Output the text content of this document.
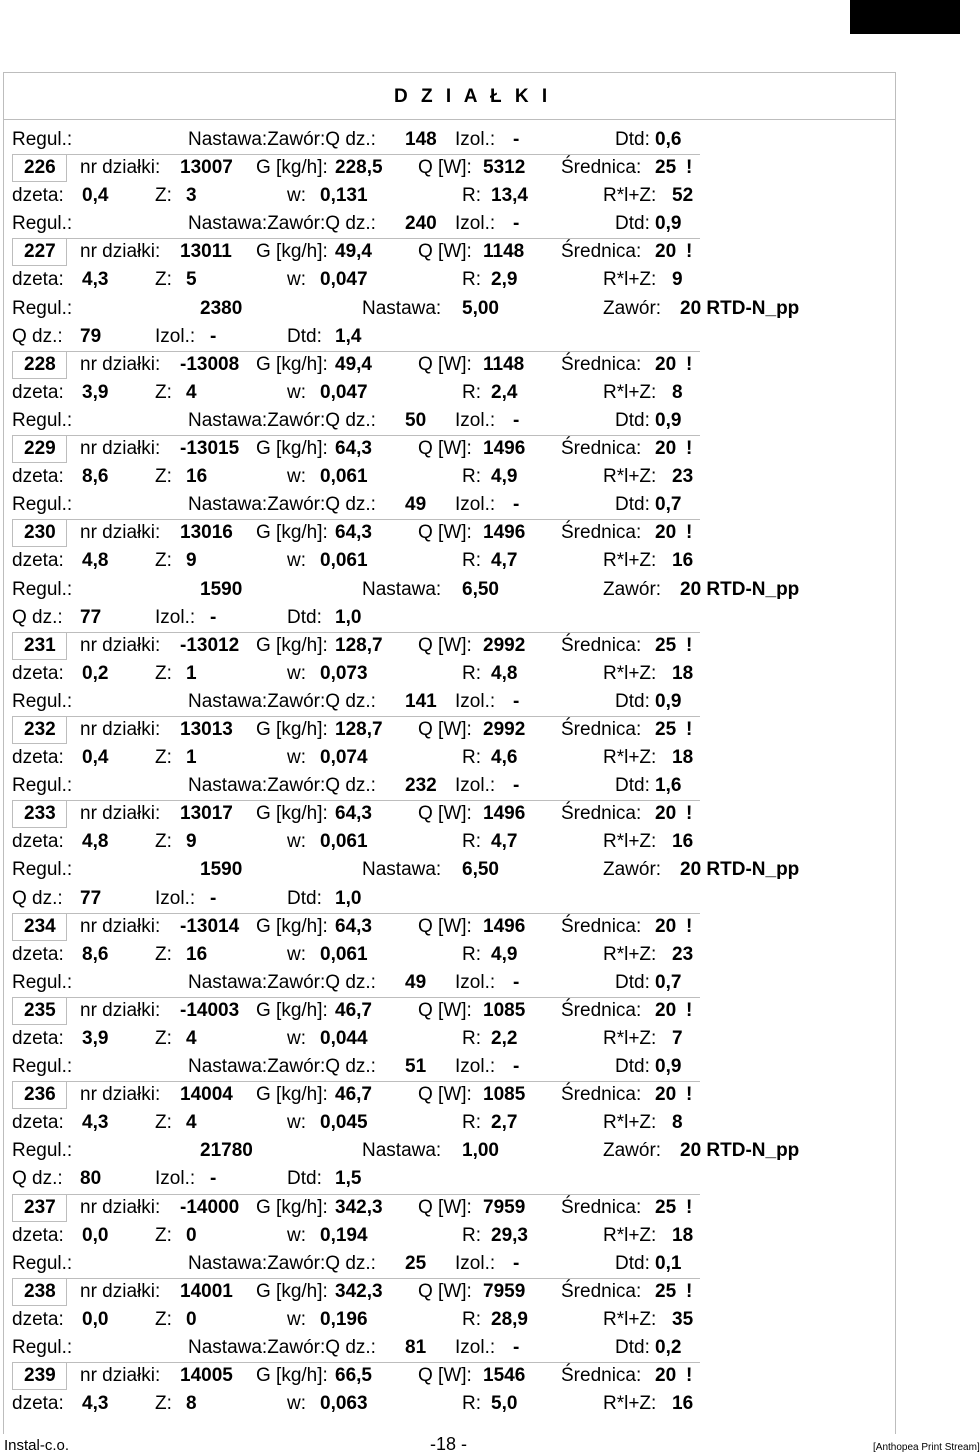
D Z I A Ł K I
Regul.:	Nastawa:Zawór:Q dz.: 148 Izol.: -	Dtd: 0,6
226 nr działki: 13007 G [kg/h]: 228,5 Q [W]: 5312 Średnica: 25 !
dzeta: 0,4 Z: 3	w: 0,131	R: 13,4	R*l+Z: 52
Regul.:	Nastawa:Zawór:Q dz.: 240 Izol.: -	Dtd: 0,9
227 nr działki: 13011 G [kg/h]: 49,4 Q [W]: 1148 Średnica: 20 !
dzeta: 4,3 Z: 5	w: 0,047	R: 2,9	R*l+Z: 9
Regul.:	2380	Nastawa: 5,00	Zawór: 20 RTD-N_pp
Q dz.: 79	Izol.: -	Dtd: 1,4
228 nr działki: -13008 G [kg/h]: 49,4 Q [W]: 1148 Średnica: 20 !
dzeta: 3,9 Z: 4	w: 0,047	R: 2,4	R*l+Z: 8
Regul.:	Nastawa:Zawór:Q dz.: 50 Izol.: -	Dtd: 0,9
229 nr działki: -13015 G [kg/h]: 64,3 Q [W]: 1496 Średnica: 20 !
dzeta: 8,6 Z: 16	w: 0,061	R: 4,9	R*l+Z: 23
Regul.:	Nastawa:Zawór:Q dz.: 49 Izol.: -	Dtd: 0,7
230 nr działki: 13016 G [kg/h]: 64,3 Q [W]: 1496 Średnica: 20 !
dzeta: 4,8 Z: 9	w: 0,061	R: 4,7	R*l+Z: 16
Regul.:	1590	Nastawa: 6,50	Zawór: 20 RTD-N_pp
Q dz.: 77	Izol.: -	Dtd: 1,0
231 nr działki: -13012 G [kg/h]: 128,7 Q [W]: 2992 Średnica: 25 !
dzeta: 0,2 Z: 1	w: 0,073	R: 4,8	R*l+Z: 18
Regul.:	Nastawa:Zawór:Q dz.: 141 Izol.: -	Dtd: 0,9
232 nr działki: 13013 G [kg/h]: 128,7 Q [W]: 2992 Średnica: 25 !
dzeta: 0,4 Z: 1	w: 0,074	R: 4,6	R*l+Z: 18
Regul.:	Nastawa:Zawór:Q dz.: 232 Izol.: -	Dtd: 1,6
233 nr działki: 13017 G [kg/h]: 64,3 Q [W]: 1496 Średnica: 20 !
dzeta: 4,8 Z: 9	w: 0,061	R: 4,7	R*l+Z: 16
Regul.:	1590	Nastawa: 6,50	Zawór: 20 RTD-N_pp
Q dz.: 77	Izol.: -	Dtd: 1,0
234 nr działki: -13014 G [kg/h]: 64,3 Q [W]: 1496 Średnica: 20 !
dzeta: 8,6 Z: 16	w: 0,061	R: 4,9	R*l+Z: 23
Regul.:	Nastawa:Zawór:Q dz.: 49 Izol.: -	Dtd: 0,7
235 nr działki: -14003 G [kg/h]: 46,7 Q [W]: 1085 Średnica: 20 !
dzeta: 3,9 Z: 4	w: 0,044	R: 2,2	R*l+Z: 7
Regul.:	Nastawa:Zawór:Q dz.: 51 Izol.: -	Dtd: 0,9
236 nr działki: 14004 G [kg/h]: 46,7 Q [W]: 1085 Średnica: 20 !
dzeta: 4,3 Z: 4	w: 0,045	R: 2,7	R*l+Z: 8
Regul.:	21780	Nastawa: 1,00	Zawór: 20 RTD-N_pp
Q dz.: 80	Izol.: -	Dtd: 1,5
237 nr działki: -14000 G [kg/h]: 342,3 Q [W]: 7959 Średnica: 25 !
dzeta: 0,0 Z: 0	w: 0,194	R: 29,3	R*l+Z: 18
Regul.:	Nastawa:Zawór:Q dz.: 25 Izol.: -	Dtd: 0,1
238 nr działki: 14001 G [kg/h]: 342,3 Q [W]: 7959 Średnica: 25 !
dzeta: 0,0 Z: 0	w: 0,196	R: 28,9	R*l+Z: 35
Regul.:	Nastawa:Zawór:Q dz.: 81 Izol.: -	Dtd: 0,2
239 nr działki: 14005 G [kg/h]: 66,5 Q [W]: 1546 Średnica: 20 !
dzeta: 4,3 Z: 8	w: 0,063	R: 5,0	R*l+Z: 16
Instal-c.o.	-18 -	[Anthopea Print Stream]
